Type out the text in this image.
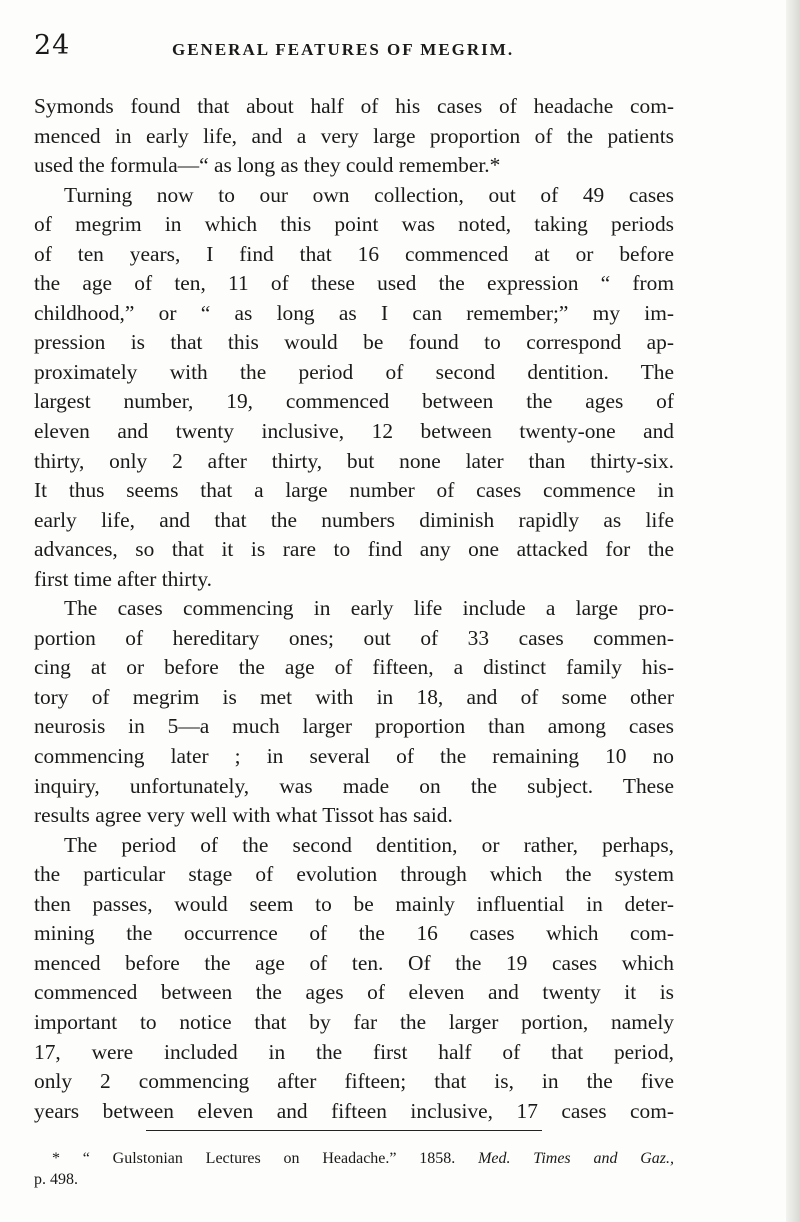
24	GENERAL FEATURES OF MEGRIM.
Symonds found that about half of his cases of headache com-
menced in early life, and a very large proportion of the patients
used the formula—“ as long as they could remember.*
Turning now to our own collection, out of 49 cases
of megrim in which this point was noted, taking periods
of ten years, I find that 16 commenced at or before
the age of ten, 11 of these used the expression “ from
childhood,” or “ as long as I can remember;” my im-
pression is that this would be found to correspond ap-
proximately with the period of second dentition. The
largest number, 19, commenced between the ages of
eleven and twenty inclusive, 12 between twenty-one and
thirty, only 2 after thirty, but none later than thirty-six.
It thus seems that a large number of cases commence in
early life, and that the numbers diminish rapidly as life
advances, so that it is rare to find any one attacked for the
first time after thirty.
The cases commencing in early life include a large pro-
portion of hereditary ones; out of 33 cases commen-
cing at or before the age of fifteen, a distinct family his-
tory of megrim is met with in 18, and of some other
neurosis in 5—a much larger proportion than among cases
commencing later ; in several of the remaining 10 no
inquiry, unfortunately, was made on the subject. These
results agree very well with what Tissot has said.
The period of the second dentition, or rather, perhaps,
the particular stage of evolution through which the system
then passes, would seem to be mainly influential in deter-
mining the occurrence of the 16 cases which com-
menced before the age of ten. Of the 19 cases which
commenced between the ages of eleven and twenty it is
important to notice that by far the larger portion, namely
17, were included in the first half of that period,
only 2 commencing after fifteen; that is, in the five
years between eleven and fifteen inclusive, 17 cases com-
* “ Gulstonian Lectures on Headache.” 1858. Med. Times and Gaz.,
p. 498.
